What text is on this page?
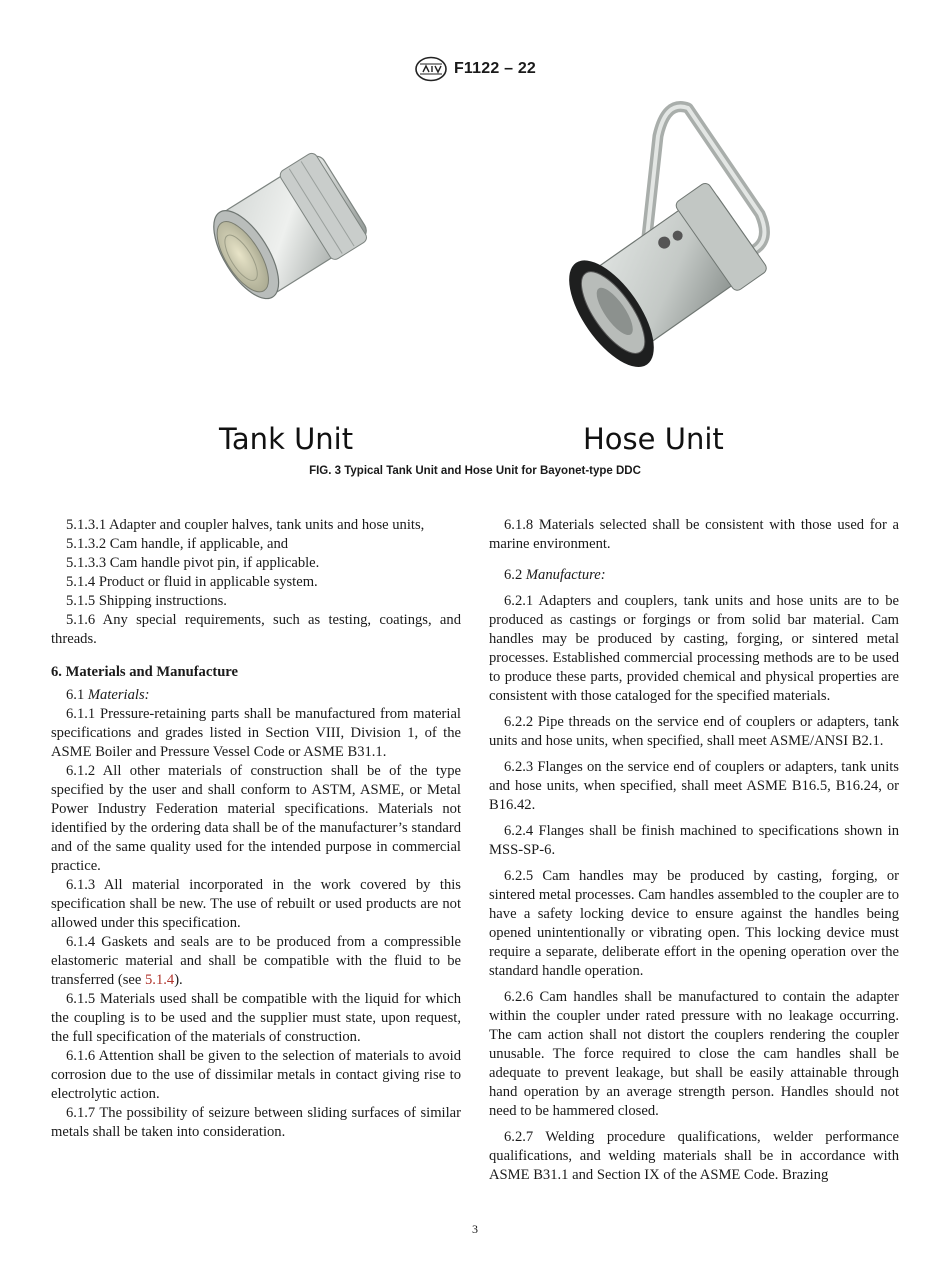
F1122 – 22
Tank Unit	Hose Unit
FIG. 3 Typical Tank Unit and Hose Unit for Bayonet-type DDC

5.1.3.1 Adapter and coupler halves, tank units and hose units,

5.1.3.2 Cam handle, if applicable, and

5.1.3.3 Cam handle pivot pin, if applicable.

5.1.4 Product or fluid in applicable system.

5.1.5 Shipping instructions.

5.1.6 Any special requirements, such as testing, coatings, and threads.

6. Materials and Manufacture

6.1 Materials:

6.1.1 Pressure-retaining parts shall be manufactured from material specifications and grades listed in Section VIII, Division 1, of the ASME Boiler and Pressure Vessel Code or ASME B31.1.

6.1.2 All other materials of construction shall be of the type specified by the user and shall conform to ASTM, ASME, or Metal Power Industry Federation material specifications. Materials not identified by the ordering data shall be of the manufacturer’s standard and of the same quality used for the intended purpose in commercial practice.

6.1.3 All material incorporated in the work covered by this specification shall be new. The use of rebuilt or used products are not allowed under this specification.

6.1.4 Gaskets and seals are to be produced from a compressible elastomeric material and shall be compatible with the fluid to be transferred (see 5.1.4).

6.1.5 Materials used shall be compatible with the liquid for which the coupling is to be used and the supplier must state, upon request, the full specification of the materials of construction.

6.1.6 Attention shall be given to the selection of materials to avoid corrosion due to the use of dissimilar metals in contact giving rise to electrolytic action.

6.1.7 The possibility of seizure between sliding surfaces of similar metals shall be taken into consideration.

6.1.8 Materials selected shall be consistent with those used for a marine environment.

6.2 Manufacture:

6.2.1 Adapters and couplers, tank units and hose units are to be produced as castings or forgings or from solid bar material. Cam handles may be produced by casting, forging, or sintered metal processes. Established commercial processing methods are to be used to produce these parts, provided chemical and physical properties are consistent with those cataloged for the specified materials.

6.2.2 Pipe threads on the service end of couplers or adapters, tank units and hose units, when specified, shall meet ASME/ANSI B2.1.

6.2.3 Flanges on the service end of couplers or adapters, tank units and hose units, when specified, shall meet ASME B16.5, B16.24, or B16.42.

6.2.4 Flanges shall be finish machined to specifications shown in MSS-SP-6.

6.2.5 Cam handles may be produced by casting, forging, or sintered metal processes. Cam handles assembled to the coupler are to have a safety locking device to ensure against the handles being opened unintentionally or vibrating open. This locking device must require a separate, deliberate effort in the opening operation over the standard handle operation.

6.2.6 Cam handles shall be manufactured to contain the adapter within the coupler under rated pressure with no leakage occurring. The cam action shall not distort the couplers rendering the coupler unusable. The force required to close the cam handles shall be adequate to prevent leakage, but shall be easily attainable through hand operation by an average strength person. Handles should not need to be hammered closed.

6.2.7 Welding procedure qualifications, welder performance qualifications, and welding materials shall be in accordance with ASME B31.1 and Section IX of the ASME Code. Brazing

3
